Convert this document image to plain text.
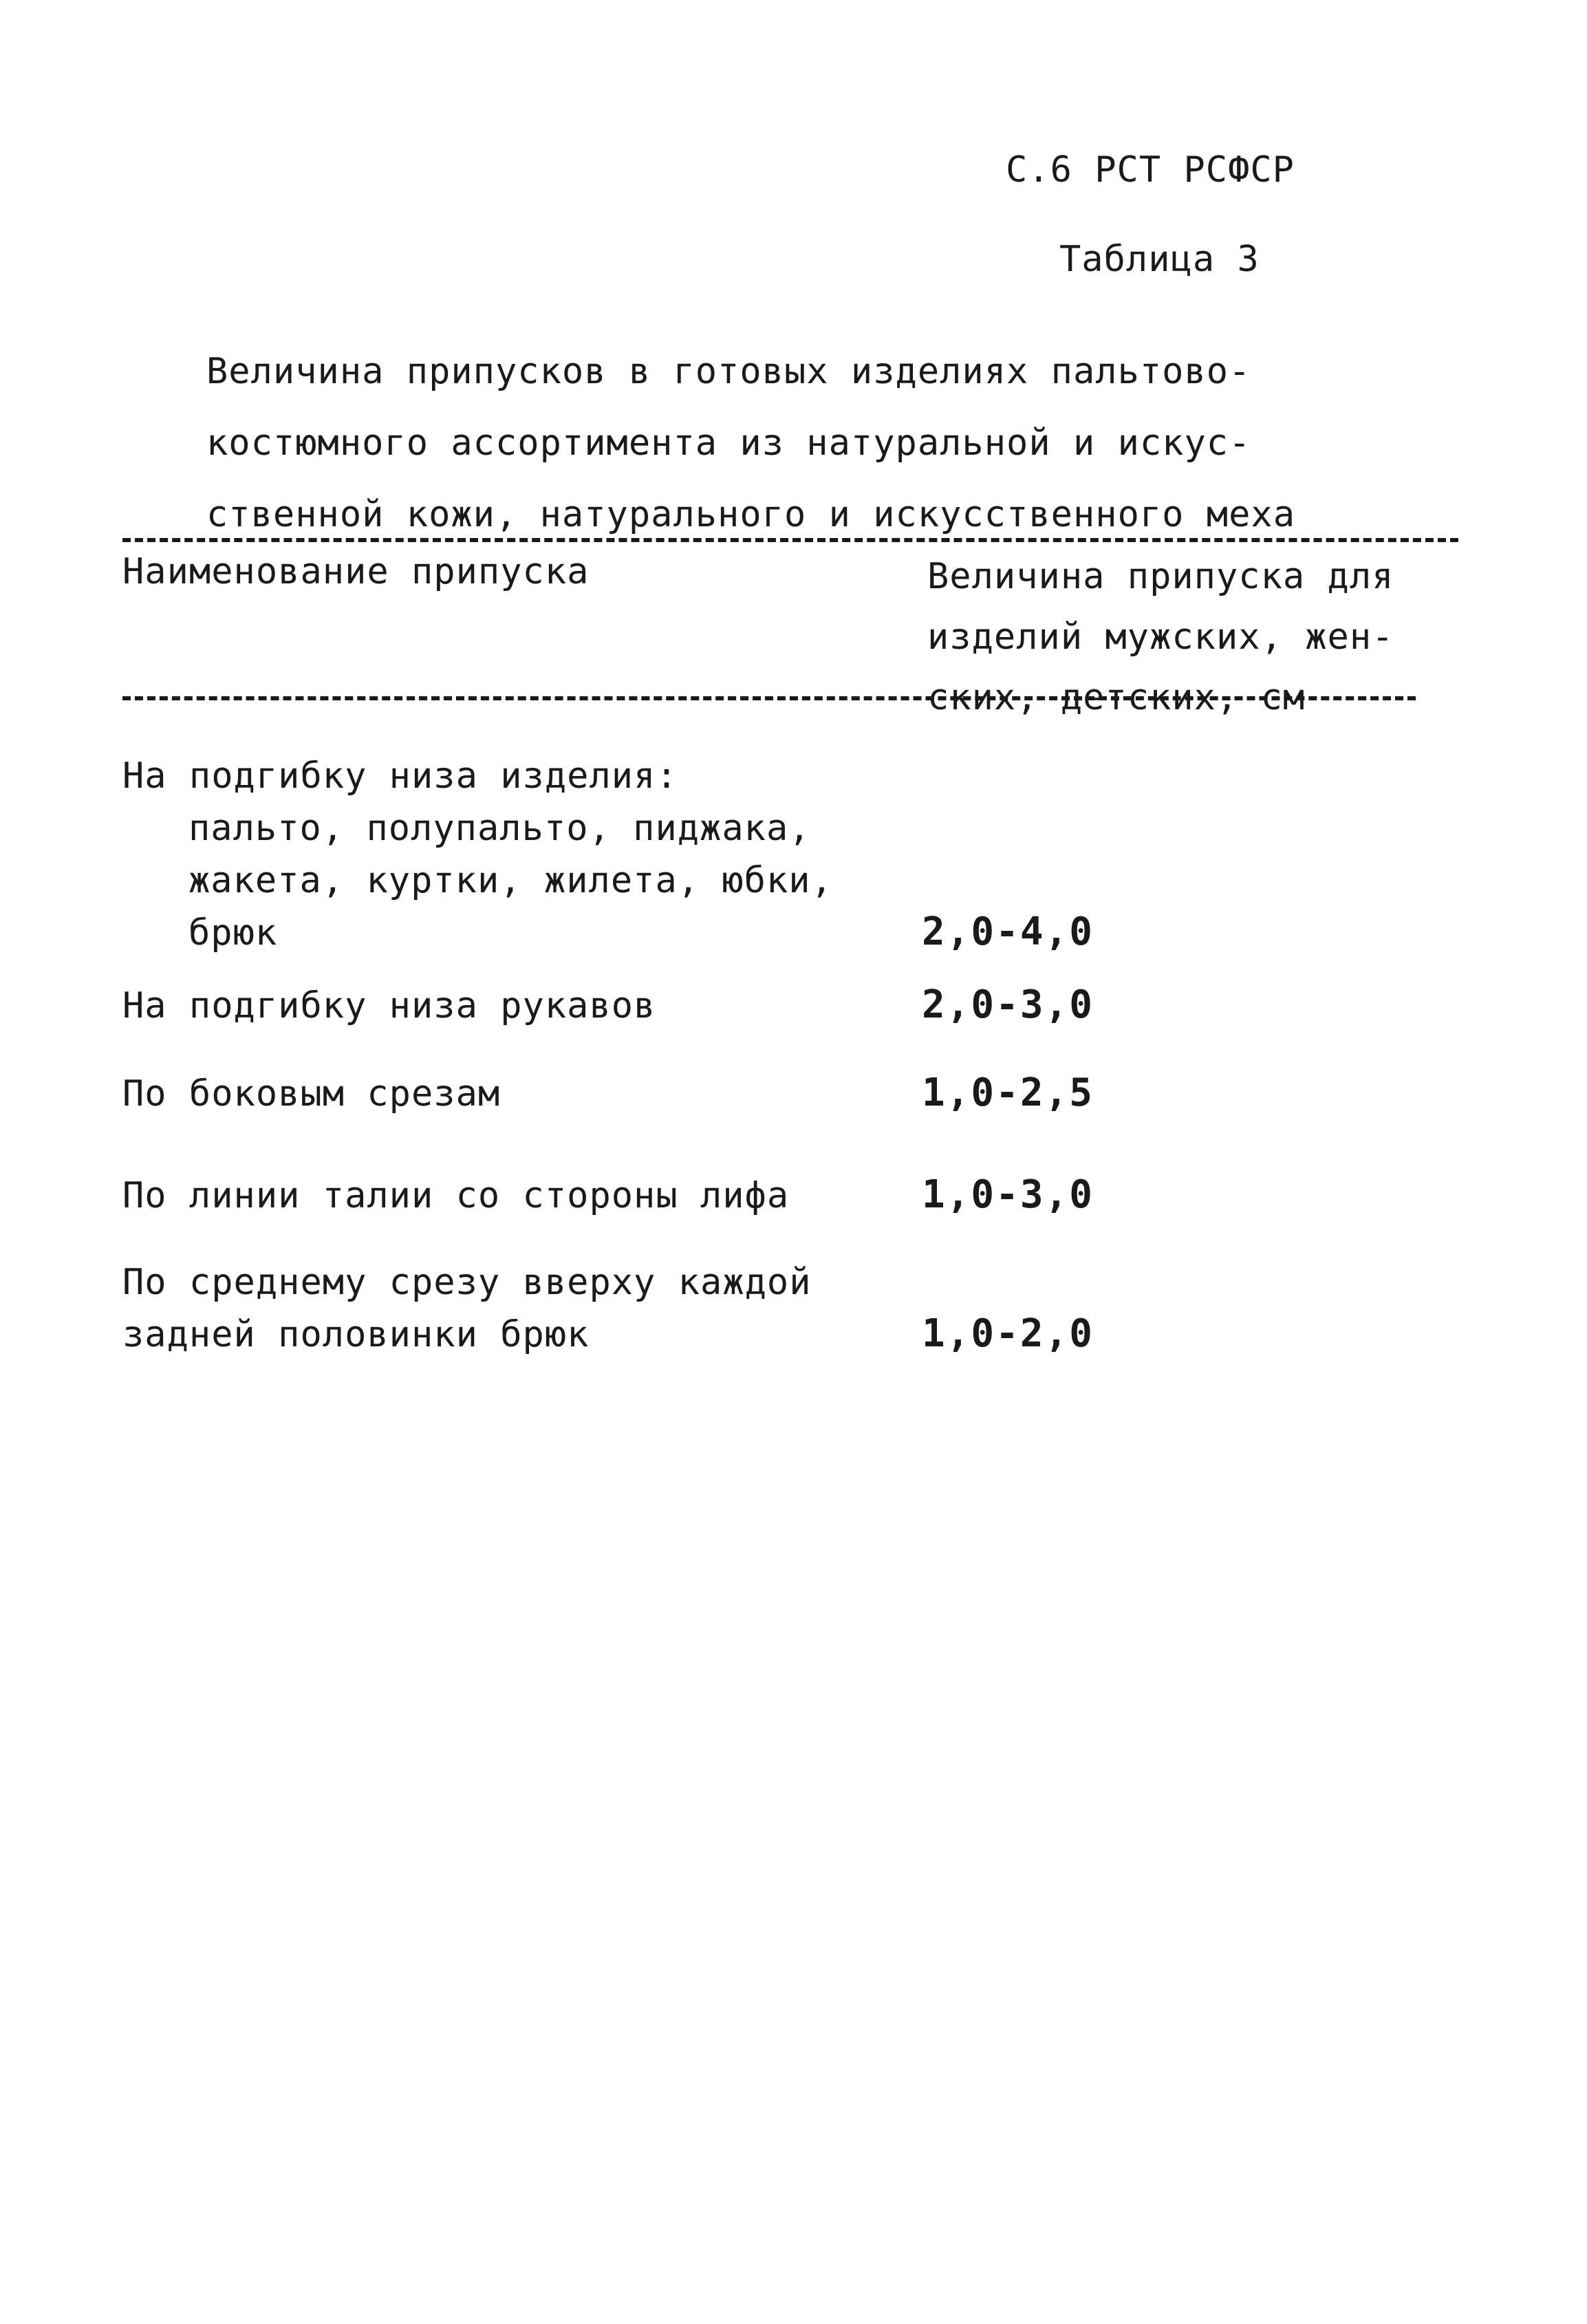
С.6 РСТ РСФСР
Таблица 3
Величина припусков в готовых изделиях пальтово-
костюмного ассортимента из натуральной и искус-
ственной кожи, натурального и искусственного меха
Наименование припуска	Величина припуска для
изделий мужских, жен-
ских, детских, см
На подгибку низа изделия:
пальто, полупальто, пиджака,
жакета, куртки, жилета, юбки,
брюк	2,0-4,0
На подгибку низа рукавов	2,0-3,0
По боковым срезам	1,0-2,5
По линии талии со стороны лифа	1,0-3,0
По среднему срезу вверху каждой
задней половинки брюк	1,0-2,0
